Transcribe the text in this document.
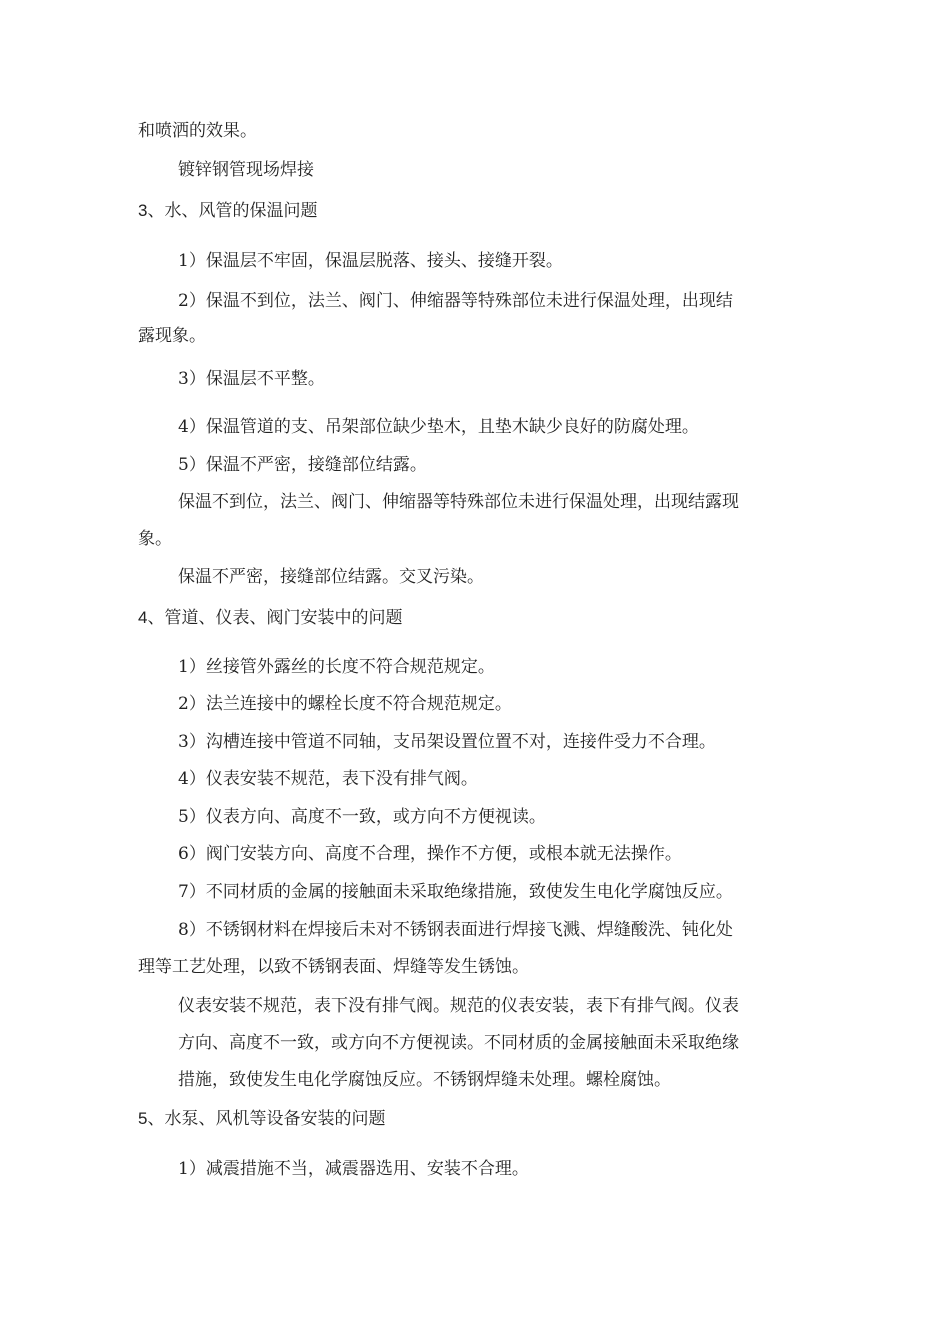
和喷洒的效果。

镀锌钢管现场焊接

3、水、风管的保温问题

1）保温层不牢固，保温层脱落、接头、接缝开裂。

2）保温不到位，法兰、阀门、伸缩器等特殊部位未进行保温处理，出现结

露现象。

3）保温层不平整。

4）保温管道的支、吊架部位缺少垫木，且垫木缺少良好的防腐处理。

5）保温不严密，接缝部位结露。

保温不到位，法兰、阀门、伸缩器等特殊部位未进行保温处理，出现结露现

象。

保温不严密，接缝部位结露。交叉污染。

4、管道、仪表、阀门安装中的问题

1）丝接管外露丝的长度不符合规范规定。

2）法兰连接中的螺栓长度不符合规范规定。

3）沟槽连接中管道不同轴，支吊架设置位置不对，连接件受力不合理。

4）仪表安装不规范，表下没有排气阀。

5）仪表方向、高度不一致，或方向不方便视读。

6）阀门安装方向、高度不合理，操作不方便，或根本就无法操作。

7）不同材质的金属的接触面未采取绝缘措施，致使发生电化学腐蚀反应。

8）不锈钢材料在焊接后未对不锈钢表面进行焊接飞溅、焊缝酸洗、钝化处

理等工艺处理，以致不锈钢表面、焊缝等发生锈蚀。

仪表安装不规范，表下没有排气阀。规范的仪表安装，表下有排气阀。仪表

方向、高度不一致，或方向不方便视读。不同材质的金属接触面未采取绝缘

措施，致使发生电化学腐蚀反应。不锈钢焊缝未处理。螺栓腐蚀。

5、水泵、风机等设备安装的问题

1）减震措施不当，减震器选用、安装不合理。
